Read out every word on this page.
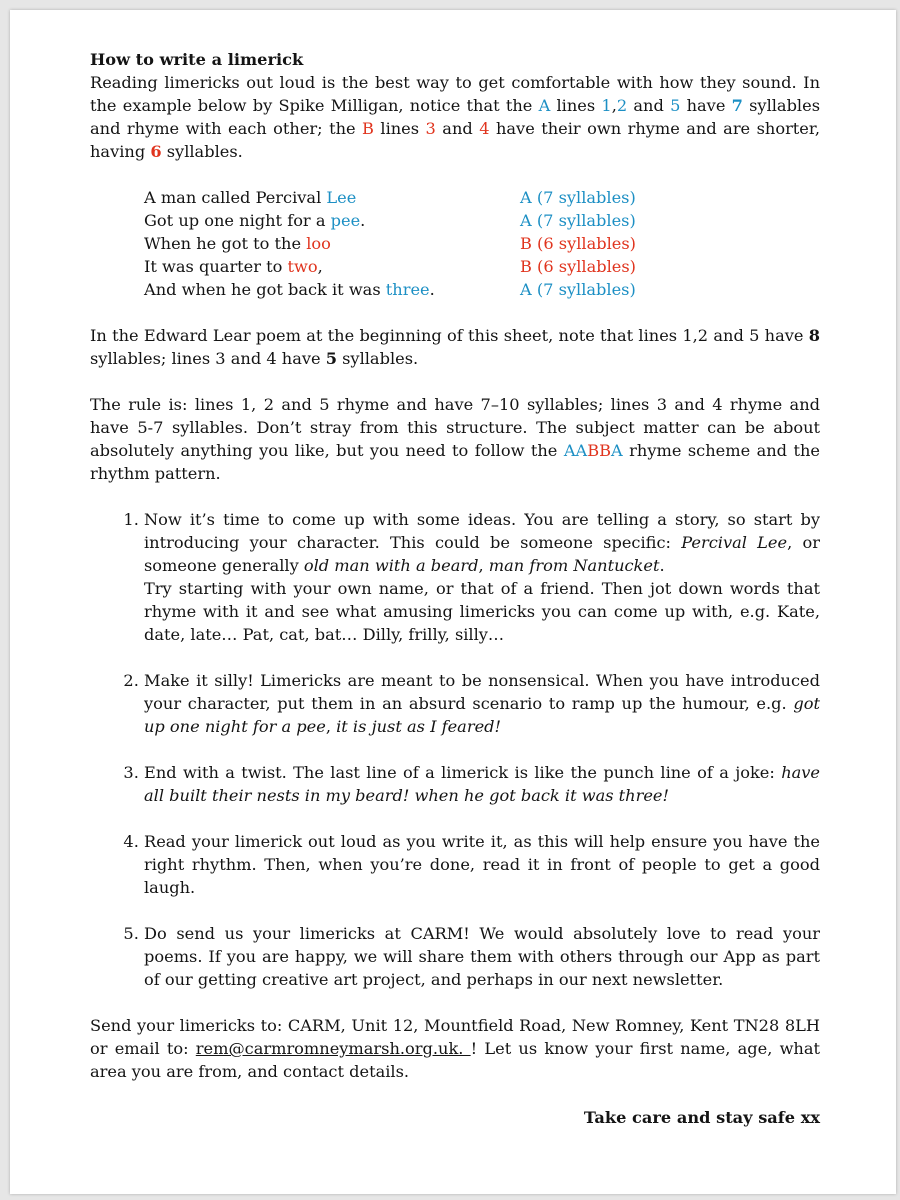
How to write a limerick

Reading limericks out loud is the best way to get comfortable with how they sound. In the example below by Spike Milligan, notice that the A lines 1,2 and 5 have 7 syllables and rhyme with each other; the B lines 3 and 4 have their own rhyme and are shorter, having 6 syllables.

A man called Percival Lee	A (7 syllables)
Got up one night for a pee.	A (7 syllables)
When he got to the loo	B (6 syllables)
It was quarter to two,	B (6 syllables)
And when he got back it was three.	A (7 syllables)

In the Edward Lear poem at the beginning of this sheet, note that lines 1,2 and 5 have 8 syllables; lines 3 and 4 have 5 syllables.

The rule is: lines 1, 2 and 5 rhyme and have 7–10 syllables; lines 3 and 4 rhyme and have 5-7 syllables. Don’t stray from this structure. The subject matter can be about absolutely anything you like, but you need to follow the AABBA rhyme scheme and the rhythm pattern.

1. Now it’s time to come up with some ideas. You are telling a story, so start by introducing your character. This could be someone specific: Percival Lee, or someone generally old man with a beard, man from Nantucket.
Try starting with your own name, or that of a friend. Then jot down words that rhyme with it and see what amusing limericks you can come up with, e.g. Kate, date, late… Pat, cat, bat… Dilly, frilly, silly…
2. Make it silly! Limericks are meant to be nonsensical. When you have introduced your character, put them in an absurd scenario to ramp up the humour, e.g. got up one night for a pee, it is just as I feared!
3. End with a twist. The last line of a limerick is like the punch line of a joke: have all built their nests in my beard! when he got back it was three!
4. Read your limerick out loud as you write it, as this will help ensure you have the right rhythm. Then, when you’re done, read it in front of people to get a good laugh.
5. Do send us your limericks at CARM! We would absolutely love to read your poems. If you are happy, we will share them with others through our App as part of our getting creative art project, and perhaps in our next newsletter.

Send your limericks to: CARM, Unit 12, Mountfield Road, New Romney, Kent TN28 8LH or email to: rem@carmromneymarsh.org.uk. ! Let us know your first name, age, what area you are from, and contact details.

Take care and stay safe xx
